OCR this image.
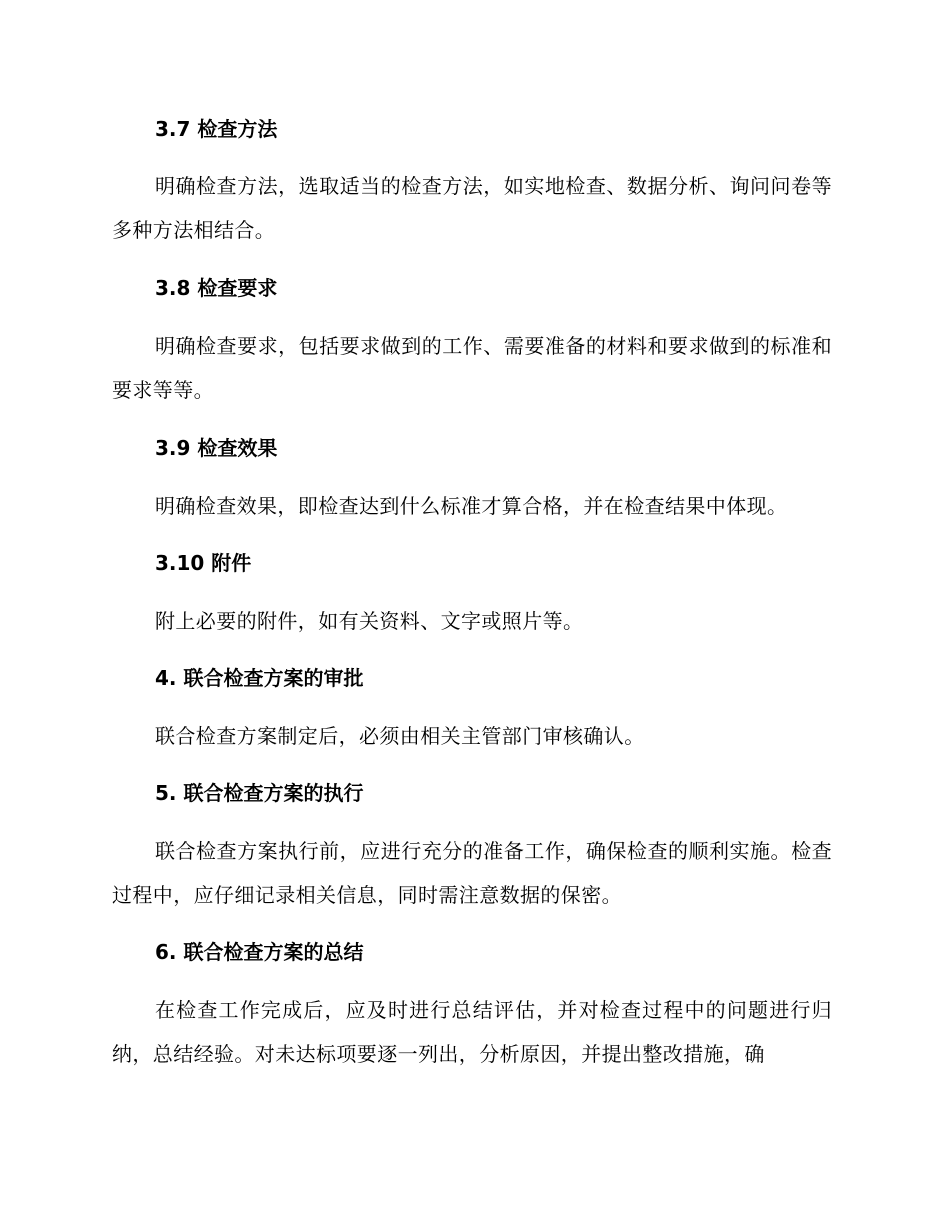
3.7 检查方法
明确检查方法，选取适当的检查方法，如实地检查、数据分析、询问问卷等多种方法相结合。
3.8 检查要求
明确检查要求，包括要求做到的工作、需要准备的材料和要求做到的标准和要求等等。
3.9 检查效果
明确检查效果，即检查达到什么标准才算合格，并在检查结果中体现。
3.10 附件
附上必要的附件，如有关资料、文字或照片等。
4. 联合检查方案的审批
联合检查方案制定后，必须由相关主管部门审核确认。
5. 联合检查方案的执行
联合检查方案执行前，应进行充分的准备工作，确保检查的顺利实施。检查过程中，应仔细记录相关信息，同时需注意数据的保密。
6. 联合检查方案的总结
在检查工作完成后，应及时进行总结评估，并对检查过程中的问题进行归纳，总结经验。对未达标项要逐一列出，分析原因，并提出整改措施，确
